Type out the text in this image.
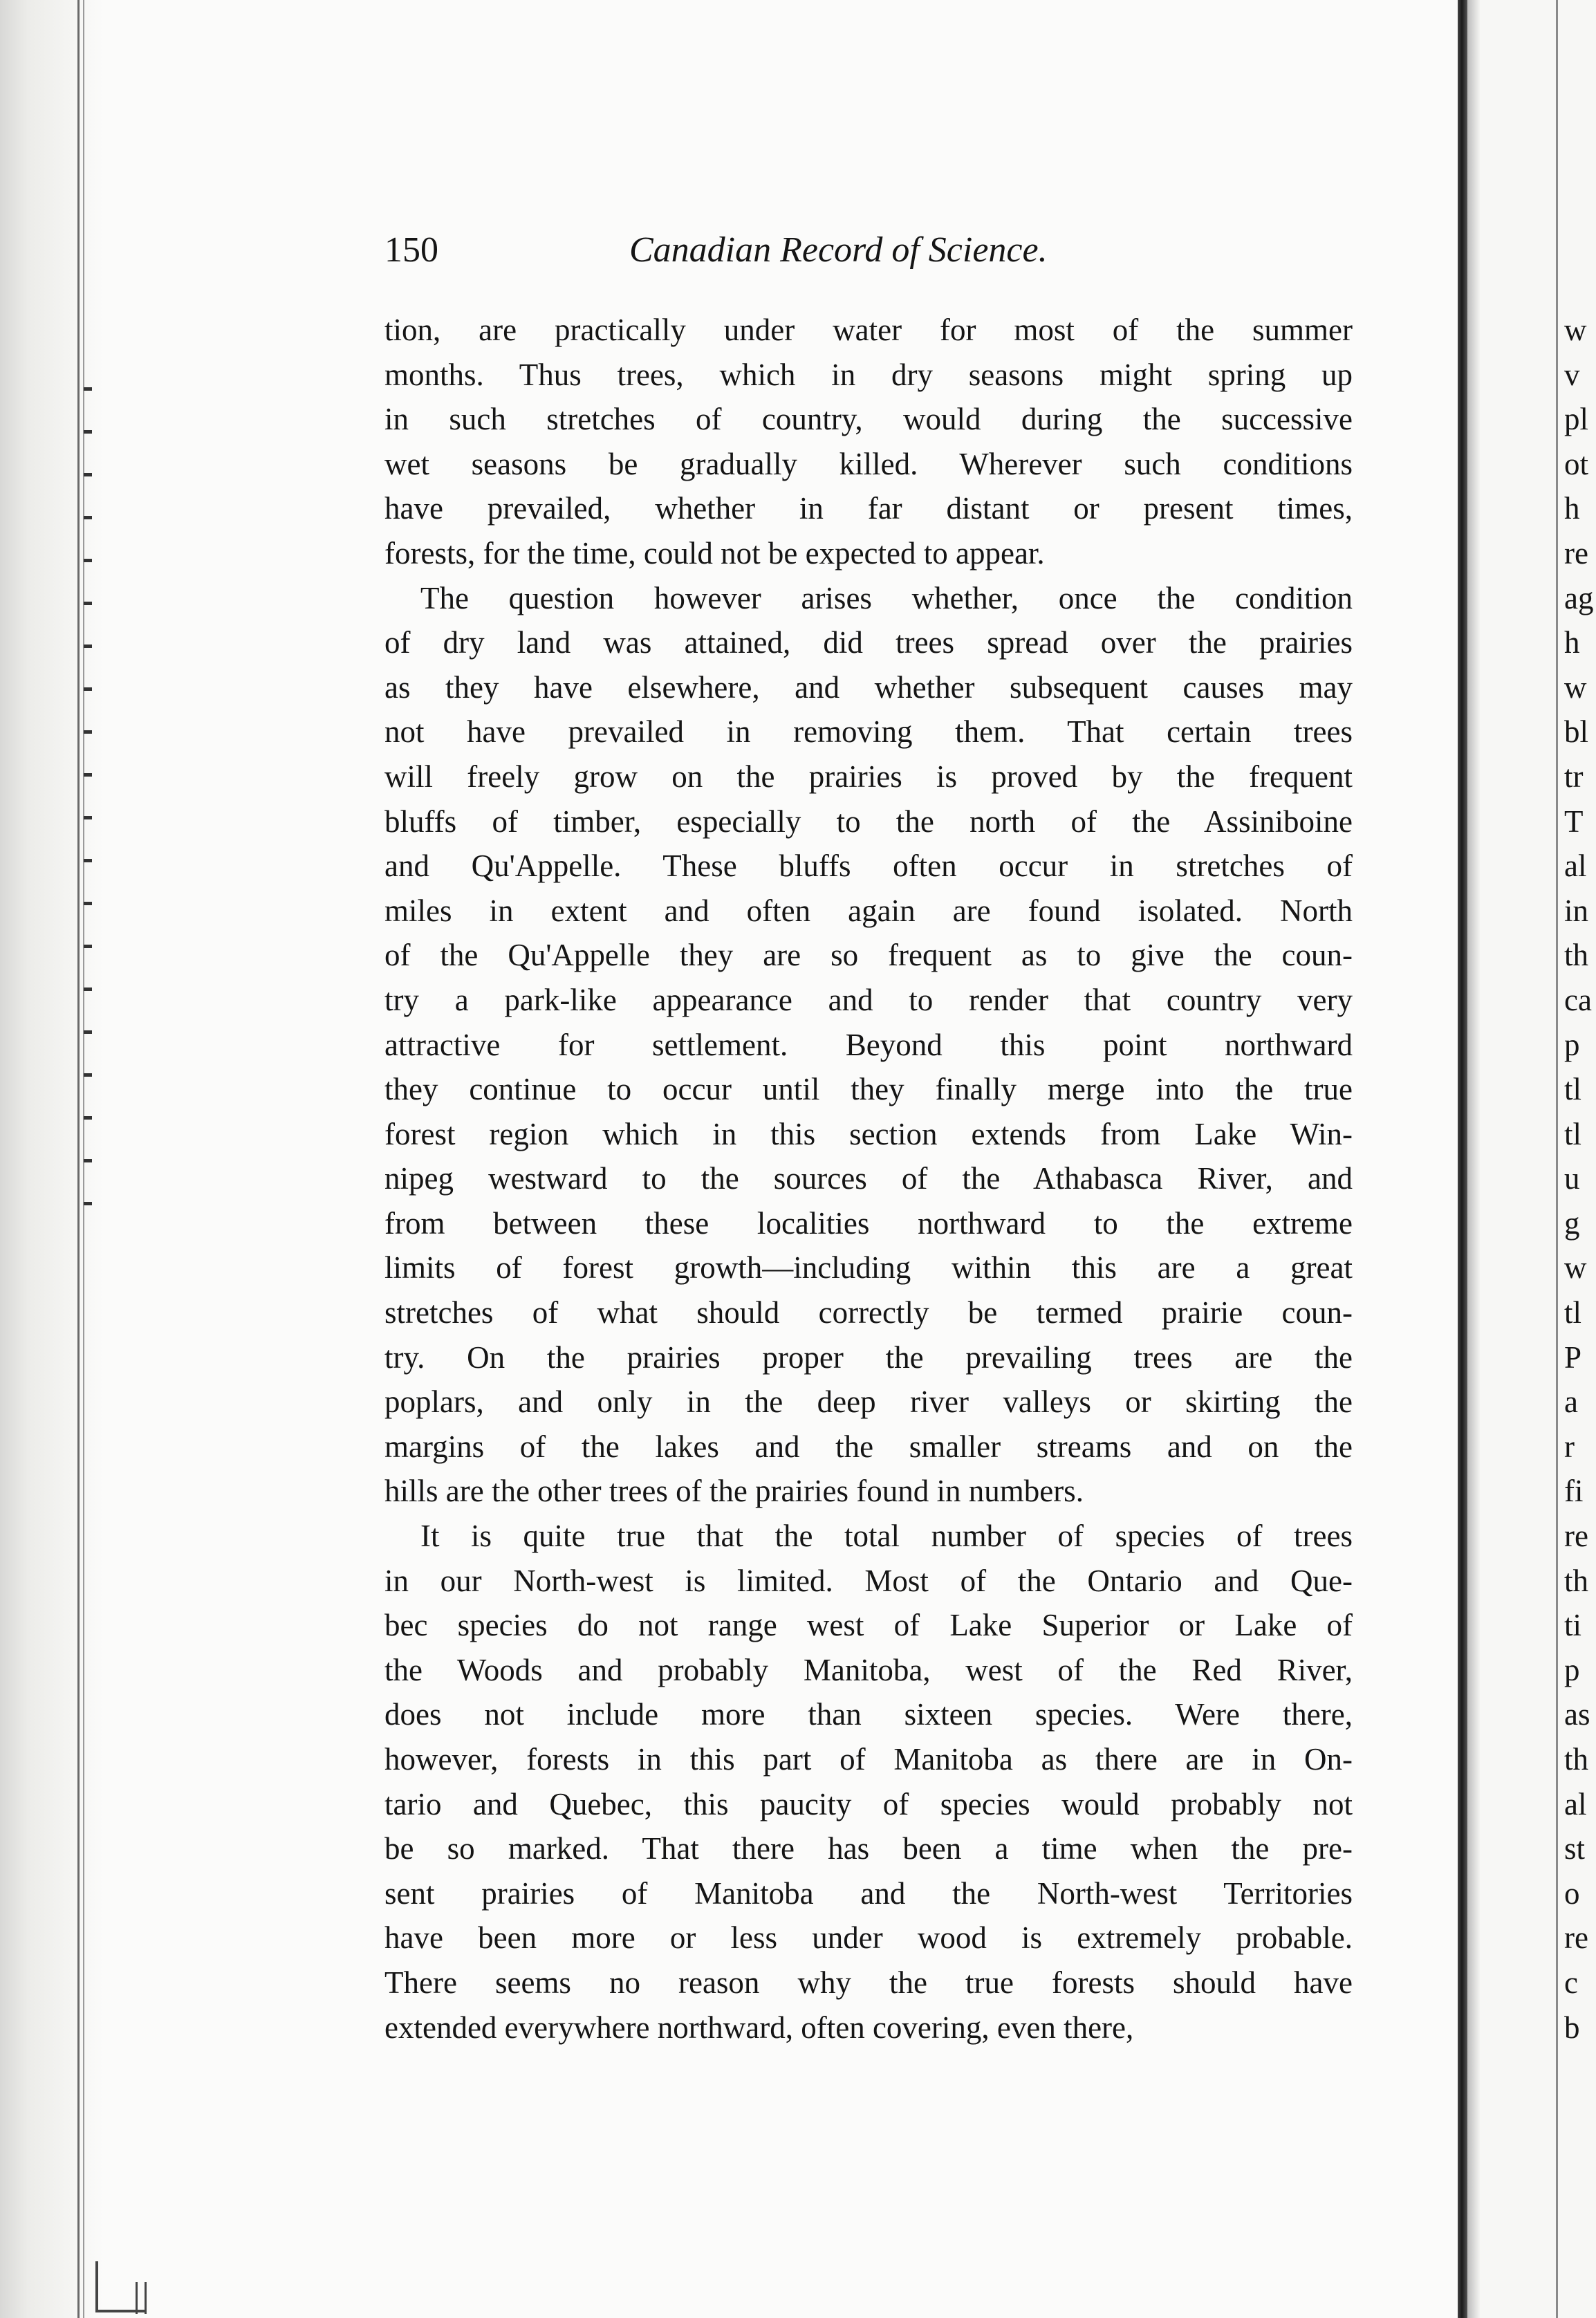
150	Canadian Record of Science.
tion, are practically under water for most of the summer
months. Thus trees, which in dry seasons might spring up
in such stretches of country, would during the successive
wet seasons be gradually killed. Wherever such conditions
have prevailed, whether in far distant or present times,
forests, for the time, could not be expected to appear.
The question however arises whether, once the condition
of dry land was attained, did trees spread over the prairies
as they have elsewhere, and whether subsequent causes may
not have prevailed in removing them. That certain trees
will freely grow on the prairies is proved by the frequent
bluffs of timber, especially to the north of the Assiniboine
and Qu'Appelle. These bluffs often occur in stretches of
miles in extent and often again are found isolated. North
of the Qu'Appelle they are so frequent as to give the coun-
try a park-like appearance and to render that country very
attractive for settlement. Beyond this point northward
they continue to occur until they finally merge into the true
forest region which in this section extends from Lake Win-
nipeg westward to the sources of the Athabasca River, and
from between these localities northward to the extreme
limits of forest growth—including within this are a great
stretches of what should correctly be termed prairie coun-
try. On the prairies proper the prevailing trees are the
poplars, and only in the deep river valleys or skirting the
margins of the lakes and the smaller streams and on the
hills are the other trees of the prairies found in numbers.
It is quite true that the total number of species of trees
in our North-west is limited. Most of the Ontario and Que-
bec species do not range west of Lake Superior or Lake of
the Woods and probably Manitoba, west of the Red River,
does not include more than sixteen species. Were there,
however, forests in this part of Manitoba as there are in On-
tario and Quebec, this paucity of species would probably not
be so marked. That there has been a time when the pre-
sent prairies of Manitoba and the North-west Territories
have been more or less under wood is extremely probable.
There seems no reason why the true forests should have
extended everywhere northward, often covering, even there,
w
v
pl
ot
h
re
ag
h
w
bl
tr
T
al
in
th
ca
p
tl
tl
u
g
w
tl
P
a
r
fi
re
th
ti
p
as
th
al
st
o
re
c
b
